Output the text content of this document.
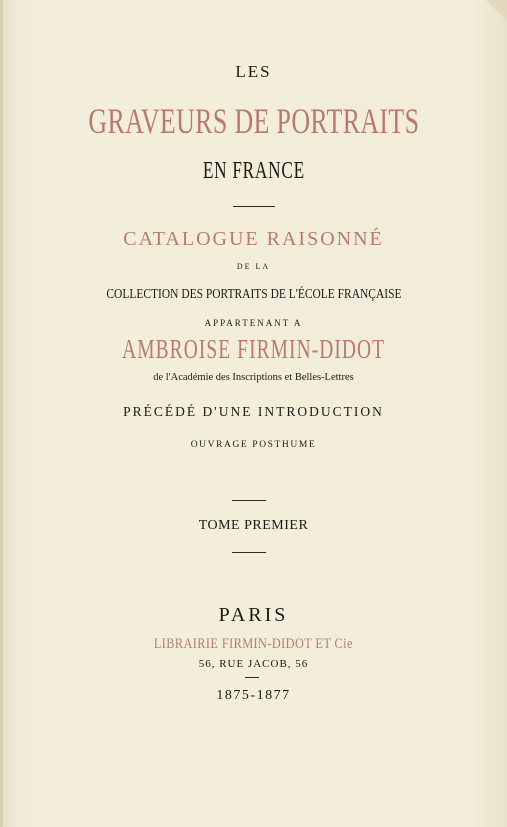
LES
GRAVEURS DE PORTRAITS
EN FRANCE
CATALOGUE RAISONNÉ
DE LA
COLLECTION DES PORTRAITS DE L'ÉCOLE FRANÇAISE
APPARTENANT A
AMBROISE FIRMIN-DIDOT
de l'Académie des Inscriptions et Belles-Lettres
PRÉCÉDÉ D'UNE INTRODUCTION
OUVRAGE POSTHUME
TOME PREMIER
PARIS
LIBRAIRIE FIRMIN-DIDOT ET Cie
56, RUE JACOB, 56
1875-1877
